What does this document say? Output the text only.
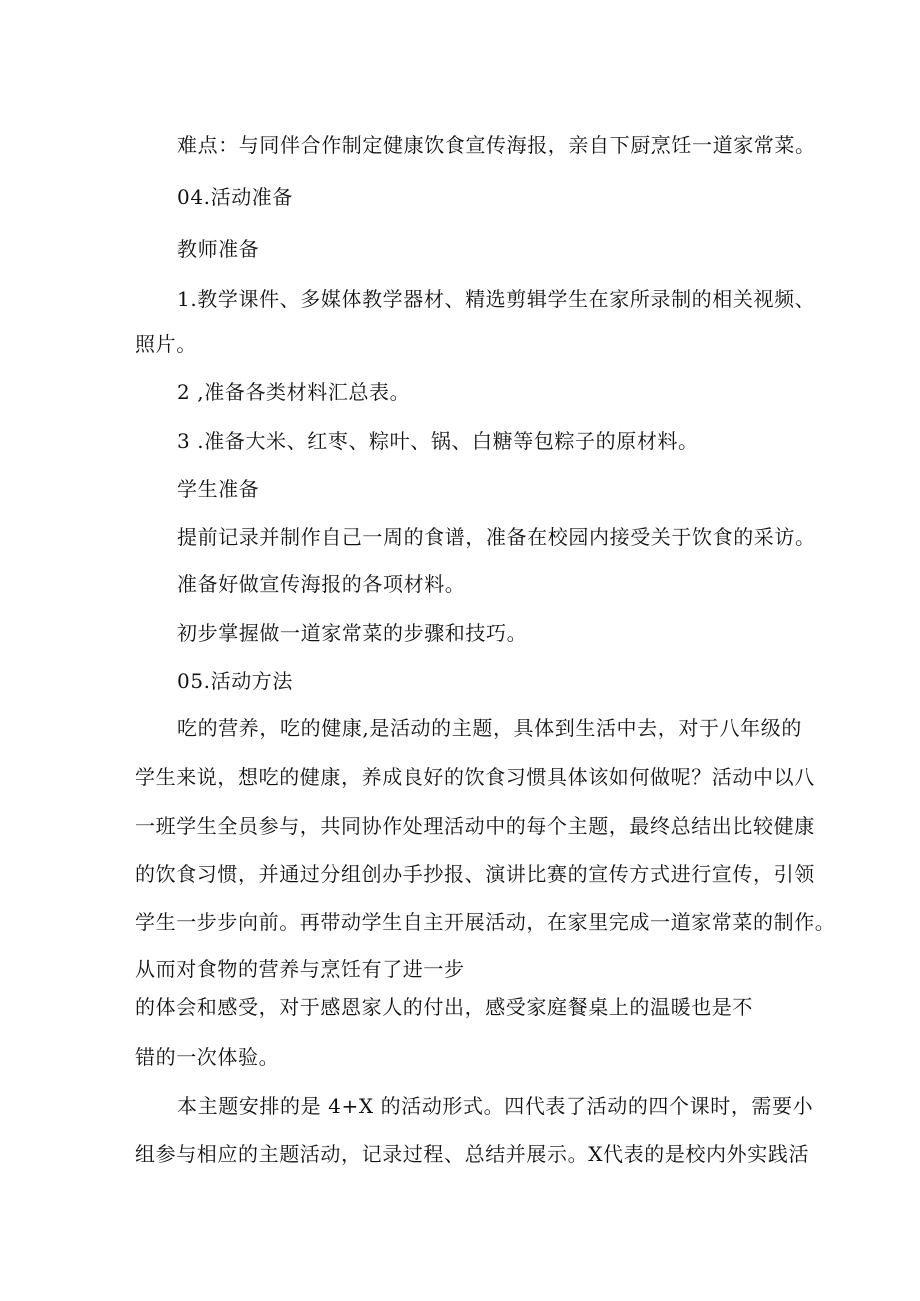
难点：与同伴合作制定健康饮食宣传海报，亲自下厨烹饪一道家常菜。
04.活动准备
教师准备
1.教学课件、多媒体教学器材、精选剪辑学生在家所录制的相关视频、
照片。
2 ,准备各类材料汇总表。
3 .准备大米、红枣、粽叶、锅、白糖等包粽子的原材料。
学生准备
提前记录并制作自己一周的食谱，准备在校园内接受关于饮食的采访。
准备好做宣传海报的各项材料。
初步掌握做一道家常菜的步骤和技巧。
05.活动方法
吃的营养，吃的健康,是活动的主题，具体到生活中去，对于八年级的
学生来说，想吃的健康，养成良好的饮食习惯具体该如何做呢？活动中以八
一班学生全员参与，共同协作处理活动中的每个主题，最终总结出比较健康
的饮食习惯，并通过分组创办手抄报、演讲比赛的宣传方式进行宣传，引领
学生一步步向前。再带动学生自主开展活动，在家里完成一道家常菜的制作。
从而对食物的营养与烹饪有了进一步
的体会和感受，对于感恩家人的付出，感受家庭餐桌上的温暖也是不
错的一次体验。
本主题安排的是 4+X 的活动形式。四代表了活动的四个课时，需要小
组参与相应的主题活动，记录过程、总结并展示。X代表的是校内外实践活
